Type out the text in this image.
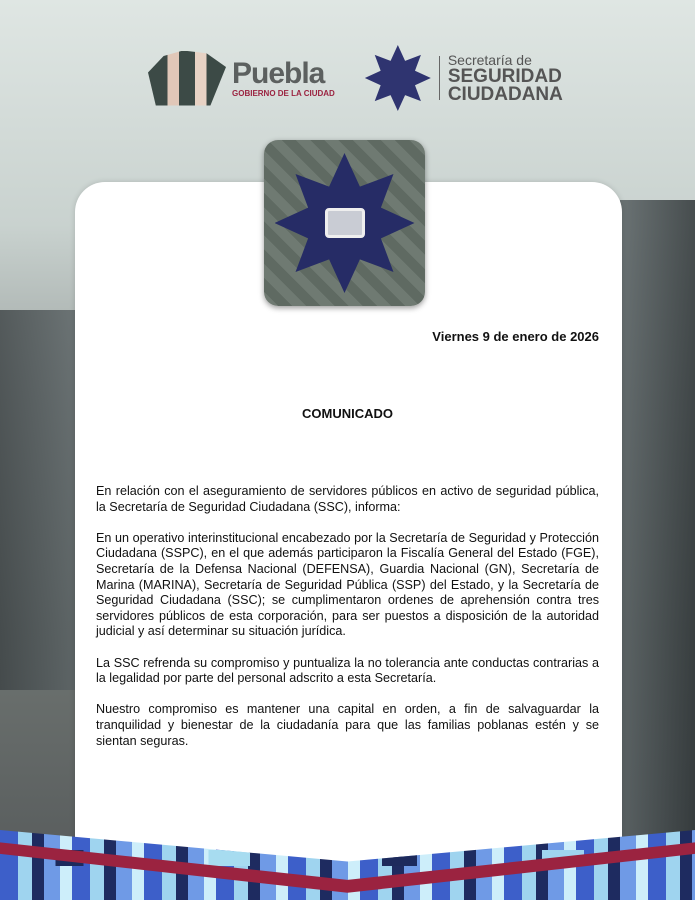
Puebla
GOBIERNO DE LA CIUDAD
Secretaría de
SEGURIDAD
CIUDADANA
Viernes 9 de enero de 2026
COMUNICADO

En relación con el aseguramiento de servidores públicos en activo de seguridad pública, la Secretaría de Seguridad Ciudadana (SSC), informa:

En un operativo interinstitucional encabezado por la Secretaría de Seguridad y Protección Ciudadana (SSPC), en el que además participaron la Fiscalía General del Estado (FGE), Secretaría de la Defensa Nacional (DEFENSA), Guardia Nacional (GN), Secretaría de Marina (MARINA), Secretaría de Seguridad Pública (SSP) del Estado, y la Secretaría de Seguridad Ciudadana (SSC); se cumplimentaron ordenes de aprehensión contra tres servidores públicos de esta corporación, para ser puestos a disposición de la autoridad judicial y así determinar su situación jurídica.

La SSC refrenda su compromiso y puntualiza la no tolerancia ante conductas contrarias a la legalidad por parte del personal adscrito a esta Secretaría.

Nuestro compromiso es mantener una capital en orden, a fin de salvaguardar la tranquilidad y bienestar de la ciudadanía para que las familias poblanas estén y se sientan seguras.
